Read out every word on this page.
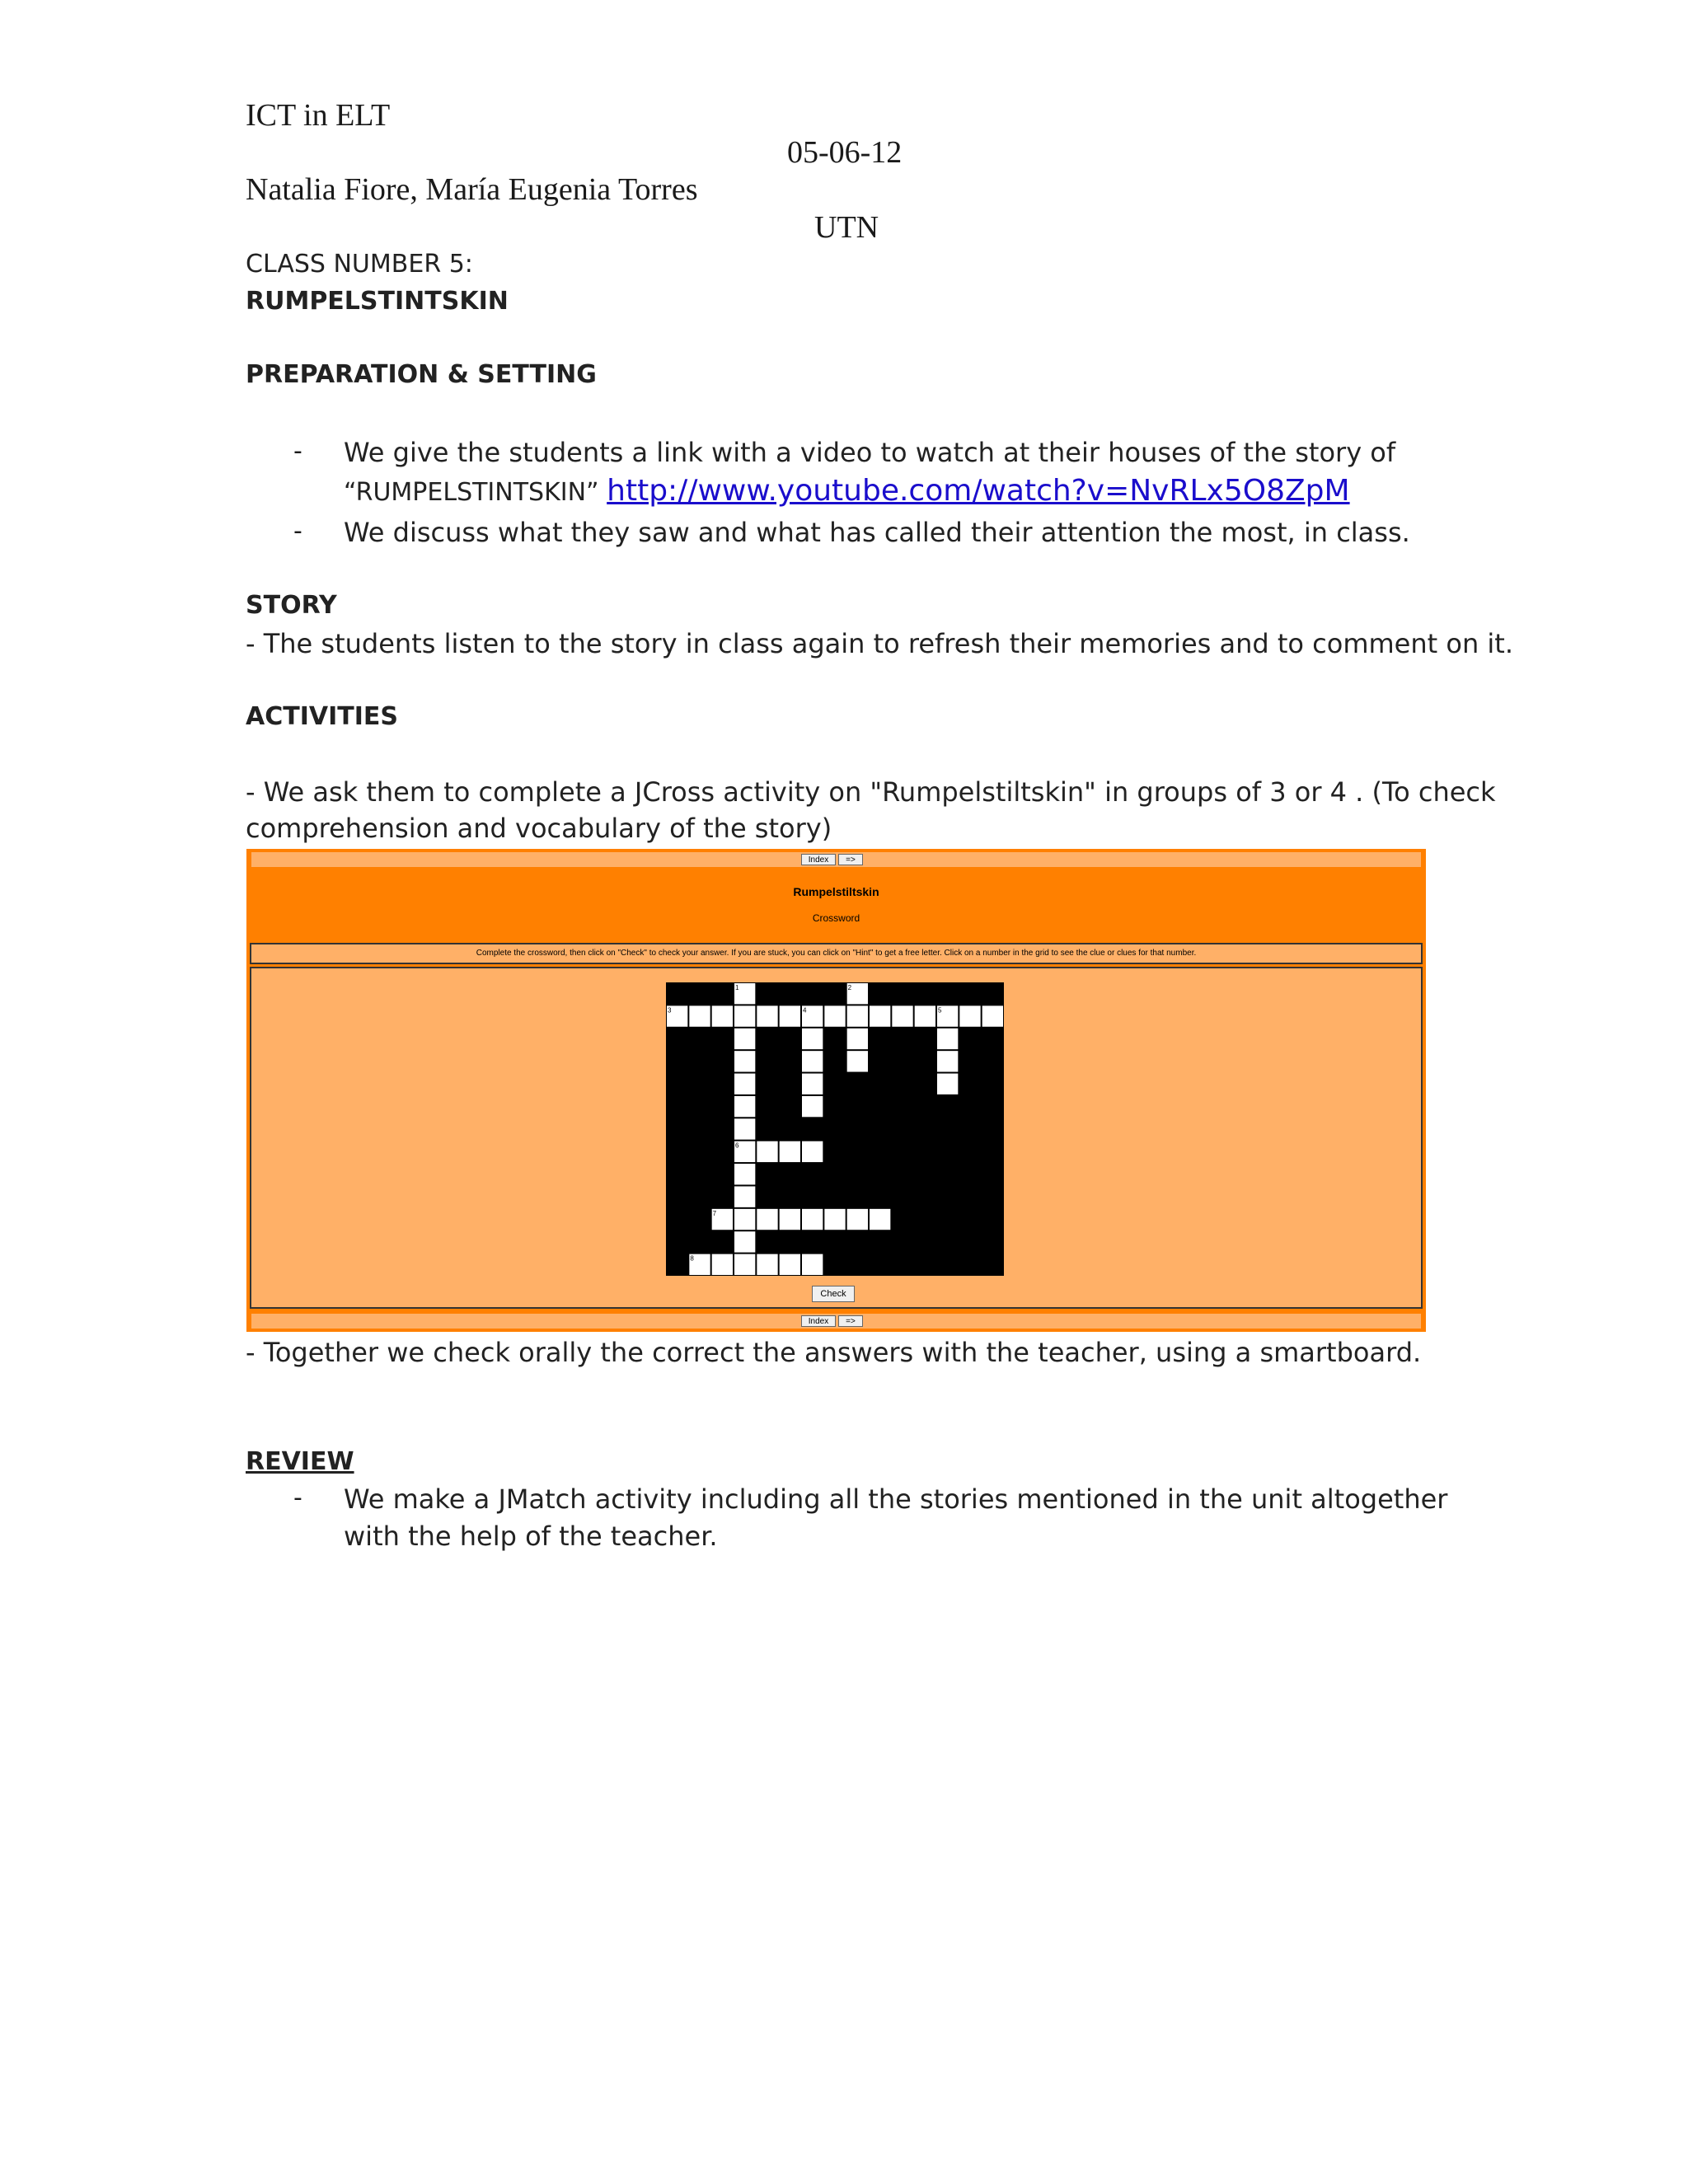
ICT in ELT
05-06-12
Natalia Fiore, María Eugenia Torres
UTN
CLASS NUMBER 5:
RUMPELSTINTSKIN
PREPARATION & SETTING
- We give the students a link with a video to watch at their houses of the story of
“RUMPELSTINTSKIN” http://www.youtube.com/watch?v=NvRLx5O8ZpM
- We discuss what they saw and what has called their attention the most, in class.
STORY
- The students listen to the story in class again to refresh their memories and to comment on it.
ACTIVITIES
- We ask them to complete a JCross activity on "Rumpelstiltskin" in groups of 3 or 4 . (To check
comprehension and vocabulary of the story)
Index	=>
Rumpelstiltskin
Crossword
Complete the crossword, then click on "Check" to check your answer. If you are stuck, you can click on "Hint" to get a free letter. Click on a number in the grid to see the clue or clues for that number.
1	2
3	4	5
6
7
8
Check
Index	=>
- Together we check orally the correct the answers with the teacher, using a smartboard.
REVIEW
- We make a JMatch activity including all the stories mentioned in the unit altogether
with the help of the teacher.
